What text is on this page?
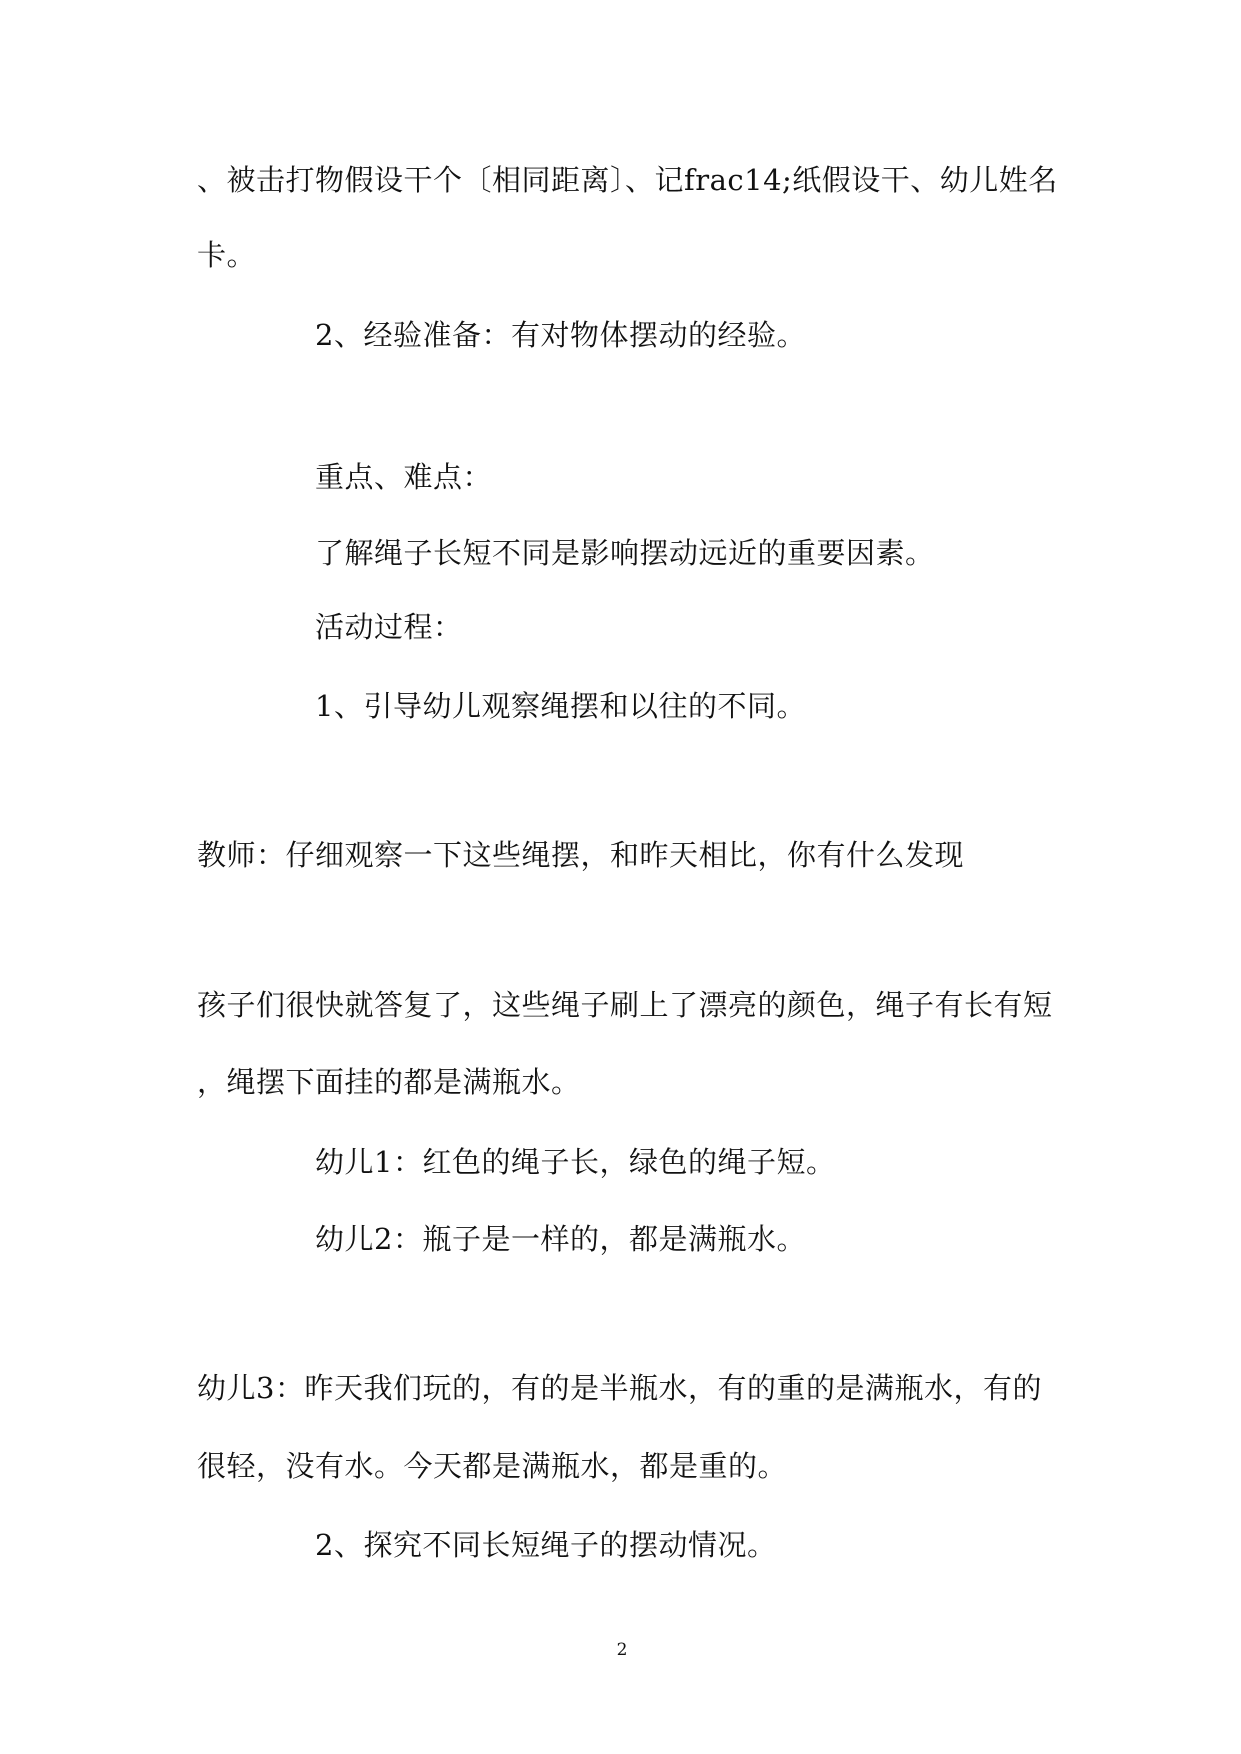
、被击打物假设干个〔相同距离〕、记frac14;纸假设干、幼儿姓名
卡。
2、经验准备：有对物体摆动的经验。
重点、难点：
了解绳子长短不同是影响摆动远近的重要因素。
活动过程：
1、引导幼儿观察绳摆和以往的不同。
教师：仔细观察一下这些绳摆，和昨天相比，你有什么发现
孩子们很快就答复了，这些绳子刷上了漂亮的颜色，绳子有长有短
，绳摆下面挂的都是满瓶水。
幼儿1：红色的绳子长，绿色的绳子短。
幼儿2：瓶子是一样的，都是满瓶水。
幼儿3：昨天我们玩的，有的是半瓶水，有的重的是满瓶水，有的
很轻，没有水。今天都是满瓶水，都是重的。
2、探究不同长短绳子的摆动情况。
2
